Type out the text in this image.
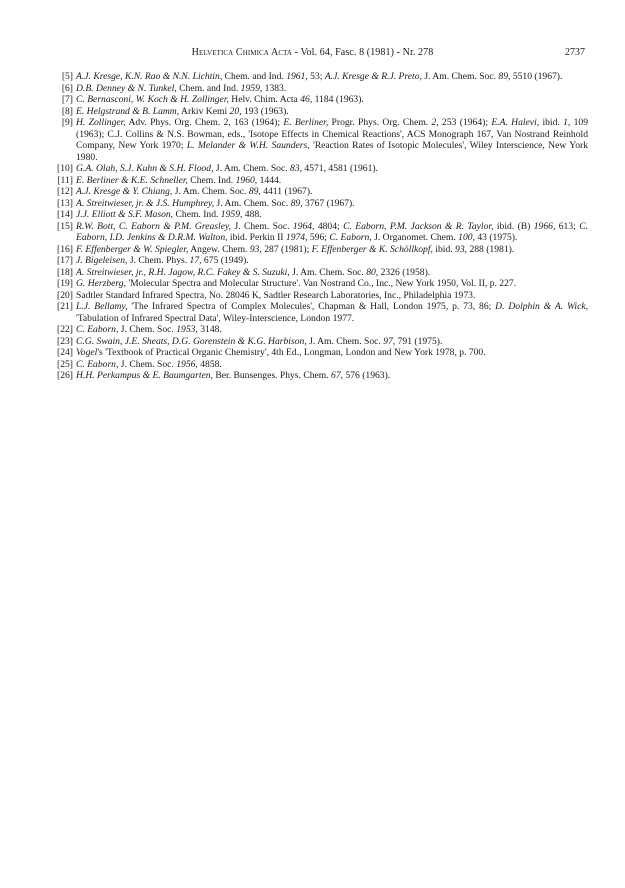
Helvetica Chimica Acta - Vol. 64, Fasc. 8 (1981) - Nr. 278	2737
[5] A.J. Kresge, K.N. Rao & N.N. Lichtin, Chem. and Ind. 1961, 53; A.J. Kresge & R.J. Preto, J. Am. Chem. Soc. 89, 5510 (1967).
[6] D.B. Denney & N. Tunkel, Chem. and Ind. 1959, 1383.
[7] C. Bernasconi, W. Koch & H. Zollinger, Helv. Chim. Acta 46, 1184 (1963).
[8] E. Helgstrand & B. Lamm, Arkiv Kemi 20, 193 (1963).
[9] H. Zollinger, Adv. Phys. Org. Chem. 2, 163 (1964); E. Berliner, Progr. Phys. Org. Chem. 2, 253 (1964); E.A. Halevi, ibid. 1, 109 (1963); C.J. Collins & N.S. Bowman, eds., 'Isotope Effects in Chemical Reactions', ACS Monograph 167, Van Nostrand Reinhold Company, New York 1970; L. Melander & W.H. Saunders, 'Reaction Rates of Isotopic Molecules', Wiley Interscience, New York 1980.
[10] G.A. Olah, S.J. Kuhn & S.H. Flood, J. Am. Chem. Soc. 83, 4571, 4581 (1961).
[11] E. Berliner & K.E. Schneller, Chem. Ind. 1960, 1444.
[12] A.J. Kresge & Y. Chiang, J. Am. Chem. Soc. 89, 4411 (1967).
[13] A. Streitwieser, jr. & J.S. Humphrey, J. Am. Chem. Soc. 89, 3767 (1967).
[14] J.J. Elliott & S.F. Mason, Chem. Ind. 1959, 488.
[15] R.W. Bott, C. Eaborn & P.M. Greasley, J. Chem. Soc. 1964, 4804; C. Eaborn, P.M. Jackson & R. Taylor, ibid. (B) 1966, 613; C. Eaborn, I.D. Jenkins & D.R.M. Walton, ibid. Perkin II 1974, 596; C. Eaborn, J. Organomet. Chem. 100, 43 (1975).
[16] F. Effenberger & W. Spiegler, Angew. Chem. 93, 287 (1981); F. Effenberger & K. Schöllkopf, ibid. 93, 288 (1981).
[17] J. Bigeleisen, J. Chem. Phys. 17, 675 (1949).
[18] A. Streitwieser, jr., R.H. Jagow, R.C. Fakey & S. Suzuki, J. Am. Chem. Soc. 80, 2326 (1958).
[19] G. Herzberg, 'Molecular Spectra and Molecular Structure'. Van Nostrand Co., Inc., New York 1950, Vol. II, p. 227.
[20] Sadtler Standard Infrared Spectra, No. 28046 K, Sadtler Research Laboratories, Inc., Philadelphia 1973.
[21] L.J. Bellamy, 'The Infrared Spectra of Complex Molecules', Chapman & Hall, London 1975, p. 73, 86; D. Dolphin & A. Wick, 'Tabulation of Infrared Spectral Data', Wiley-Interscience, London 1977.
[22] C. Eaborn, J. Chem. Soc. 1953, 3148.
[23] C.G. Swain, J.E. Sheats, D.G. Gorenstein & K.G. Harbison, J. Am. Chem. Soc. 97, 791 (1975).
[24] Vogel's 'Textbook of Practical Organic Chemistry', 4th Ed., Longman, London and New York 1978, p. 700.
[25] C. Eaborn, J. Chem. Soc. 1956, 4858.
[26] H.H. Perkampus & E. Baumgarten, Ber. Bunsenges. Phys. Chem. 67, 576 (1963).
